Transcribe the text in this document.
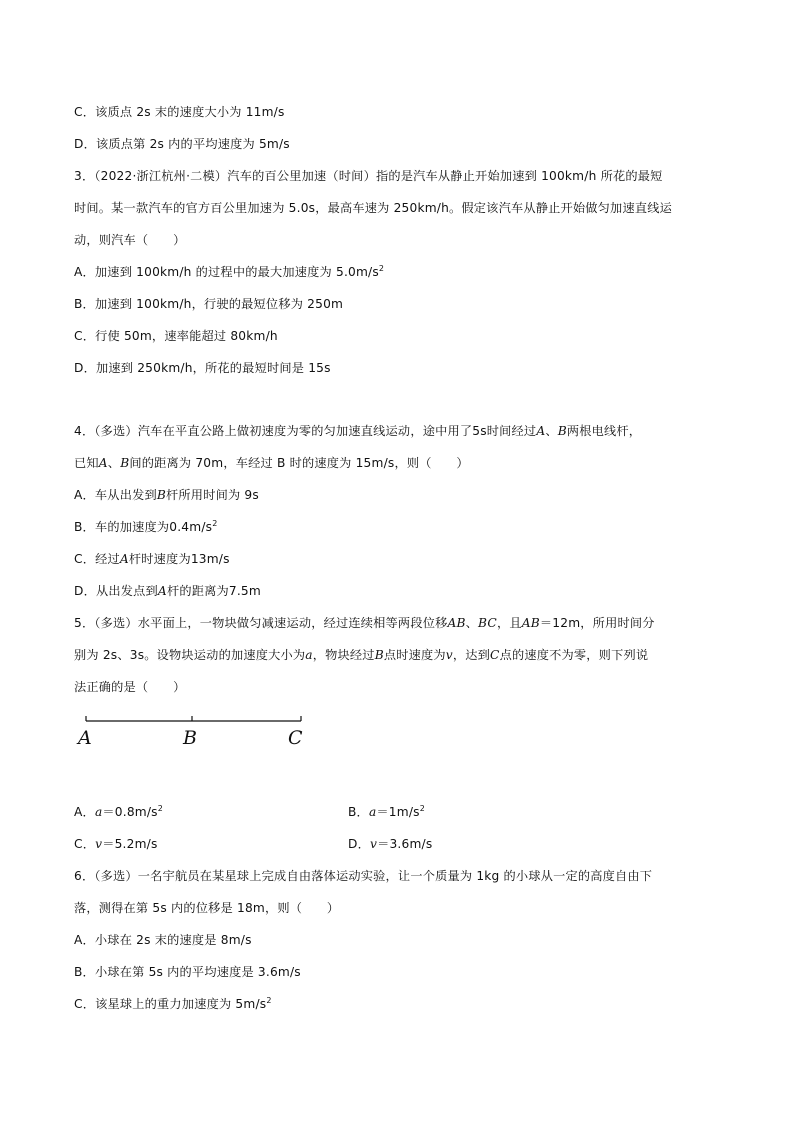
C．该质点 2s 末的速度大小为 11m/s
D．该质点第 2s 内的平均速度为 5m/s
3．（2022·浙江杭州·二模）汽车的百公里加速（时间）指的是汽车从静止开始加速到 100km/h 所花的最短
时间。某一款汽车的官方百公里加速为 5.0s，最高车速为 250km/h。假定该汽车从静止开始做匀加速直线运
动，则汽车（　　）
A．加速到 100km/h 的过程中的最大加速度为 $5.0m/s^2$
B．加速到 100km/h，行驶的最短位移为 250m
C．行使 50m，速率能超过 80km/h
D．加速到 250km/h，所花的最短时间是 15s
4．（多选）汽车在平直公路上做初速度为零的匀加速直线运动，途中用了5s时间经过A、B两根电线杆，
已知A、B间的距离为 70m，车经过 B 时的速度为 15m/s，则（　　）
A．车从出发到B杆所用时间为 9s
B．车的加速度为$0.4m/s^2$
C．经过A杆时速度为13m/s
D．从出发点到A杆的距离为7.5m
5．（多选）水平面上，一物块做匀减速运动，经过连续相等两段位移AB、BC，且AB＝12m，所用时间分
别为 2s、3s。设物块运动的加速度大小为a，物块经过B点时速度为v，达到C点的速度不为零，则下列说
法正确的是（　　）
A	B	C
A．$a=0.8m/s^2$	B．$a=1m/s^2$
C．v＝5.2m/s	D．v＝3.6m/s
6．（多选）一名宇航员在某星球上完成自由落体运动实验，让一个质量为 1kg 的小球从一定的高度自由下
落，测得在第 5s 内的位移是 18m，则（　　）
A．小球在 2s 末的速度是 8m/s
B．小球在第 5s 内的平均速度是 3.6m/s
C．该星球上的重力加速度为 $5m/s^2$
